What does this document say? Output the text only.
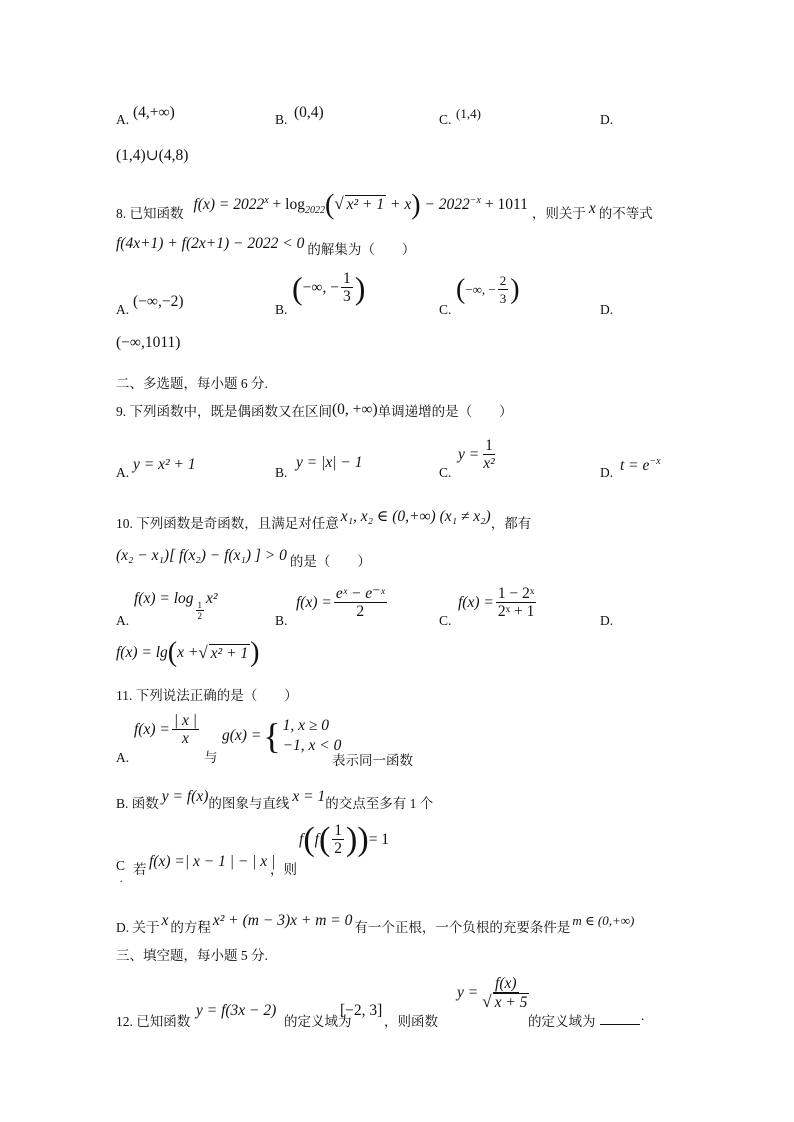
A. (4,+∞)	B. (0,4)	C. (1,4)	D.
(1,4)∪(4,8)
8. 已知函数
$f(x) = 2022^x + \log_{2022}(√$ $x^2 + 1 + x) - 2022^{-x} + 1011$
，则关于 x 的不等式
f(4x+1) + f(2x+1) − 2022 < 0 的解集为（　　）
A. (−∞,−2)	B.
( −∞, − $\frac{1}{3}$ )
C.
( −∞, − $\frac{2}{3}$ )
D.
(−∞,1011)
二、多选题，每小题 6 分.
9. 下列函数中，既是偶函数又在区间 (0, +∞) 单调递增的是（　　）
A. y = x² + 1	B.
y = |x| − 1
C.
$y = \frac{1}{\text{x²}}$
D. $t = e^{-x}$
10. 下列函数是奇函数，且满足对任意 x₁, x₂ ∈ (0,+∞) (x₁ ≠ x₂) ，都有
(x₂ − x₁)[ f(x₂) − f(x₁) ] > 0 的是（　　）
A.
f(x) = log
$\frac{1}{2}$
x²
B.
$f(x) = \frac{\text{eˣ − e⁻ˣ}}{2}$
C.
$f(x) = \frac{\text{1 − 2ˣ}}{\text{2ˣ + 1}}$
D.
f(x) = lg ( x + √ x² + 1 )
11. 下列说法正确的是（　　）
A.
$f(x) = \frac{| x |}{x}$
与
g(x) = { 1, x ≥ 0
−1, x < 0
表示同一函数
B. 函数 y = f(x) 的图象与直线 x = 1 的交点至多有 1 个
C
.
若 f(x) =| x − 1 | − | x |
，则
f ( f ( $\frac{1}{2}$ ) ) = 1
D. 关于 x 的方程 x² + (m − 3)x + m = 0 有一个正根，一个负根的充要条件是 m ∈ (0,+∞)
三、填空题，每小题 5 分.
12. 已知函数
y = f(3x − 2)
的定义域为
[−2, 3]
，则函数
$y = \frac{f(x)}{√ x + 5}$
的定义域为	.
